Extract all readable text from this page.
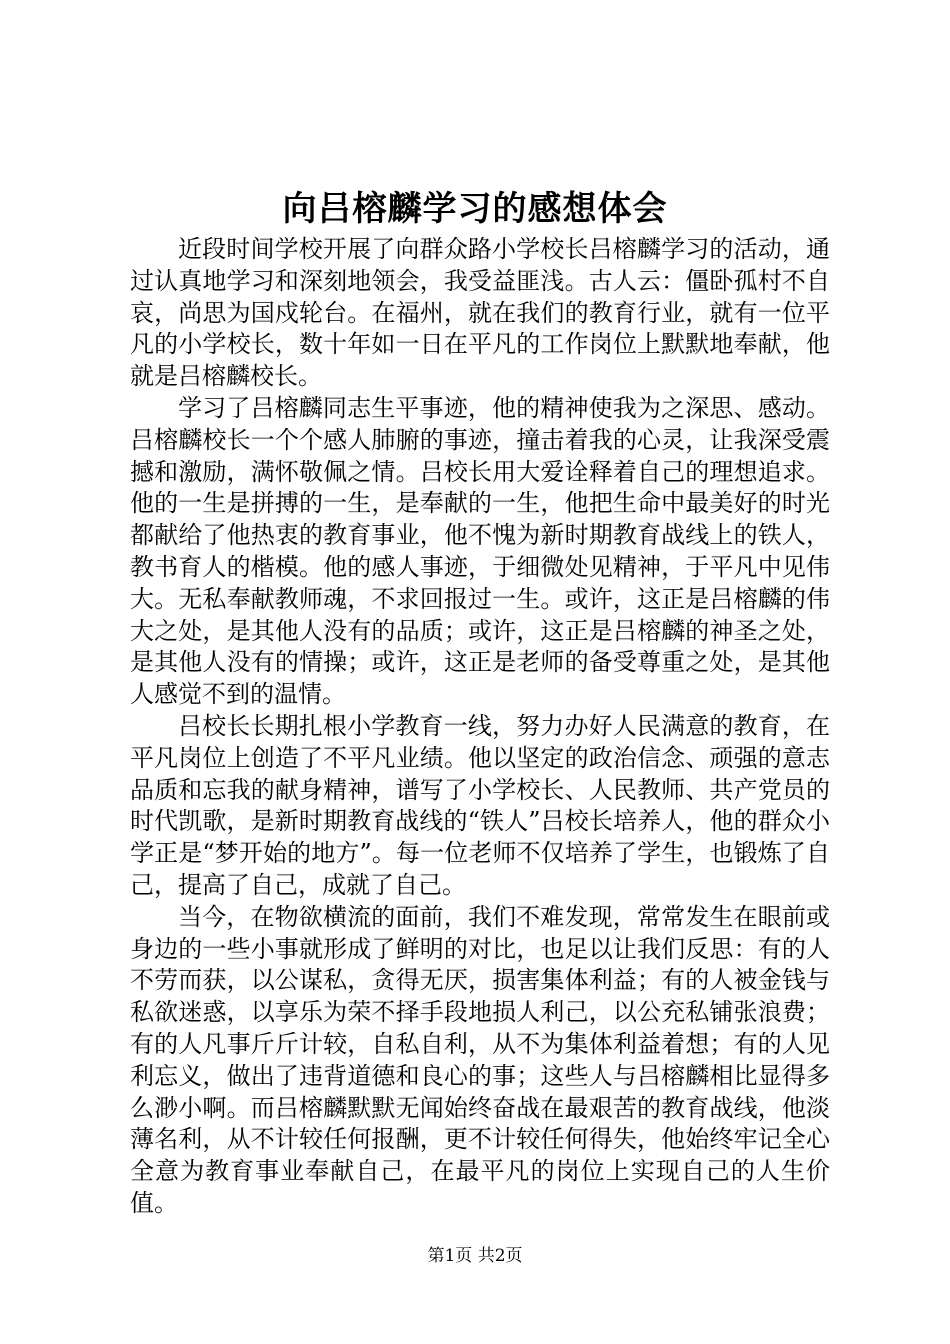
向吕榕麟学习的感想体会

近段时间学校开展了向群众路小学校长吕榕麟学习的活动，通过认真地学习和深刻地领会，我受益匪浅。古人云：僵卧孤村不自哀，尚思为国戍轮台。在福州，就在我们的教育行业，就有一位平凡的小学校长，数十年如一日在平凡的工作岗位上默默地奉献，他就是吕榕麟校长。

学习了吕榕麟同志生平事迹，他的精神使我为之深思、感动。吕榕麟校长一个个感人肺腑的事迹，撞击着我的心灵，让我深受震撼和激励，满怀敬佩之情。吕校长用大爱诠释着自己的理想追求。他的一生是拼搏的一生，是奉献的一生，他把生命中最美好的时光都献给了他热衷的教育事业，他不愧为新时期教育战线上的铁人，教书育人的楷模。他的感人事迹，于细微处见精神，于平凡中见伟大。无私奉献教师魂，不求回报过一生。或许，这正是吕榕麟的伟大之处，是其他人没有的品质；或许，这正是吕榕麟的神圣之处，是其他人没有的情操；或许，这正是老师的备受尊重之处，是其他人感觉不到的温情。

吕校长长期扎根小学教育一线，努力办好人民满意的教育，在平凡岗位上创造了不平凡业绩。他以坚定的政治信念、顽强的意志品质和忘我的献身精神，谱写了小学校长、人民教师、共产党员的时代凯歌，是新时期教育战线的“铁人”吕校长培养人，他的群众小学正是“梦开始的地方”。每一位老师不仅培养了学生，也锻炼了自己，提高了自己，成就了自己。

当今，在物欲横流的面前，我们不难发现，常常发生在眼前或身边的一些小事就形成了鲜明的对比，也足以让我们反思：有的人不劳而获，以公谋私，贪得无厌，损害集体利益；有的人被金钱与私欲迷惑，以享乐为荣不择手段地损人利己，以公充私铺张浪费；有的人凡事斤斤计较，自私自利，从不为集体利益着想；有的人见利忘义，做出了违背道德和良心的事；这些人与吕榕麟相比显得多么渺小啊。而吕榕麟默默无闻始终奋战在最艰苦的教育战线，他淡薄名利，从不计较任何报酬，更不计较任何得失，他始终牢记全心全意为教育事业奉献自己，在最平凡的岗位上实现自己的人生价值。

第1页 共2页
